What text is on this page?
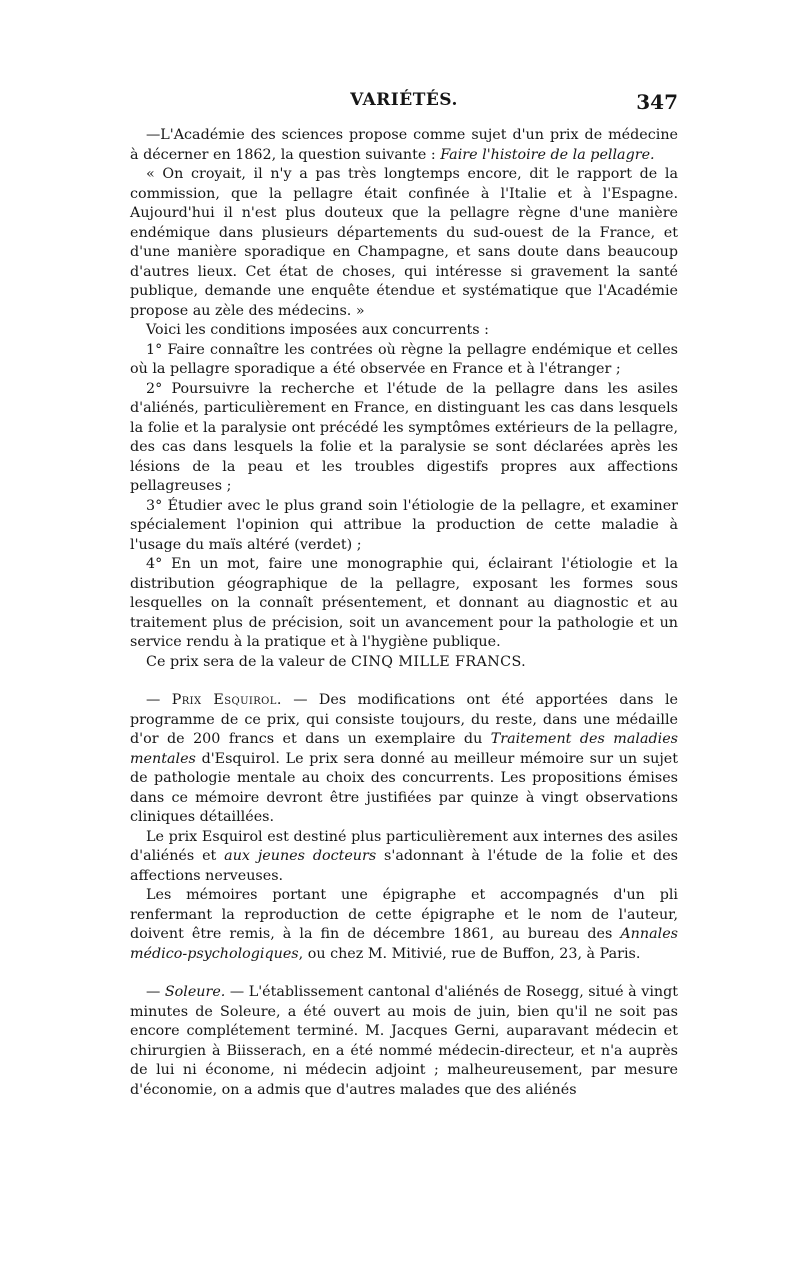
VARIÉTÉS.	347

—L'Académie des sciences propose comme sujet d'un prix de médecine à décerner en 1862, la question suivante : Faire l'histoire de la pellagre.

« On croyait, il n'y a pas très longtemps encore, dit le rapport de la commission, que la pellagre était confinée à l'Italie et à l'Espagne. Aujourd'hui il n'est plus douteux que la pellagre règne d'une manière endémique dans plusieurs départements du sud-ouest de la France, et d'une manière sporadique en Champagne, et sans doute dans beaucoup d'autres lieux. Cet état de choses, qui intéresse si gravement la santé publique, demande une enquête étendue et systématique que l'Académie propose au zèle des médecins. »

Voici les conditions imposées aux concurrents :

1° Faire connaître les contrées où règne la pellagre endémique et celles où la pellagre sporadique a été observée en France et à l'étranger ;

2° Poursuivre la recherche et l'étude de la pellagre dans les asiles d'aliénés, particulièrement en France, en distinguant les cas dans lesquels la folie et la paralysie ont précédé les symptômes extérieurs de la pellagre, des cas dans lesquels la folie et la paralysie se sont déclarées après les lésions de la peau et les troubles digestifs propres aux affections pellagreuses ;

3° Étudier avec le plus grand soin l'étiologie de la pellagre, et examiner spécialement l'opinion qui attribue la production de cette maladie à l'usage du maïs altéré (verdet) ;

4° En un mot, faire une monographie qui, éclairant l'étiologie et la distribution géographique de la pellagre, exposant les formes sous lesquelles on la connaît présentement, et donnant au diagnostic et au traitement plus de précision, soit un avancement pour la pathologie et un service rendu à la pratique et à l'hygiène publique.

Ce prix sera de la valeur de CINQ MILLE FRANCS.

— Prix Esquirol. — Des modifications ont été apportées dans le programme de ce prix, qui consiste toujours, du reste, dans une médaille d'or de 200 francs et dans un exemplaire du Traitement des maladies mentales d'Esquirol. Le prix sera donné au meilleur mémoire sur un sujet de pathologie mentale au choix des concurrents. Les propositions émises dans ce mémoire devront être justifiées par quinze à vingt observations cliniques détaillées.

Le prix Esquirol est destiné plus particulièrement aux internes des asiles d'aliénés et aux jeunes docteurs s'adonnant à l'étude de la folie et des affections nerveuses.

Les mémoires portant une épigraphe et accompagnés d'un pli renfermant la reproduction de cette épigraphe et le nom de l'auteur, doivent être remis, à la fin de décembre 1861, au bureau des Annales médico-psychologiques, ou chez M. Mitivié, rue de Buffon, 23, à Paris.

— Soleure. — L'établissement cantonal d'aliénés de Rosegg, situé à vingt minutes de Soleure, a été ouvert au mois de juin, bien qu'il ne soit pas encore complétement terminé. M. Jacques Gerni, auparavant médecin et chirurgien à Biisserach, en a été nommé médecin-directeur, et n'a auprès de lui ni économe, ni médecin adjoint ; malheureusement, par mesure d'économie, on a admis que d'autres malades que des aliénés
